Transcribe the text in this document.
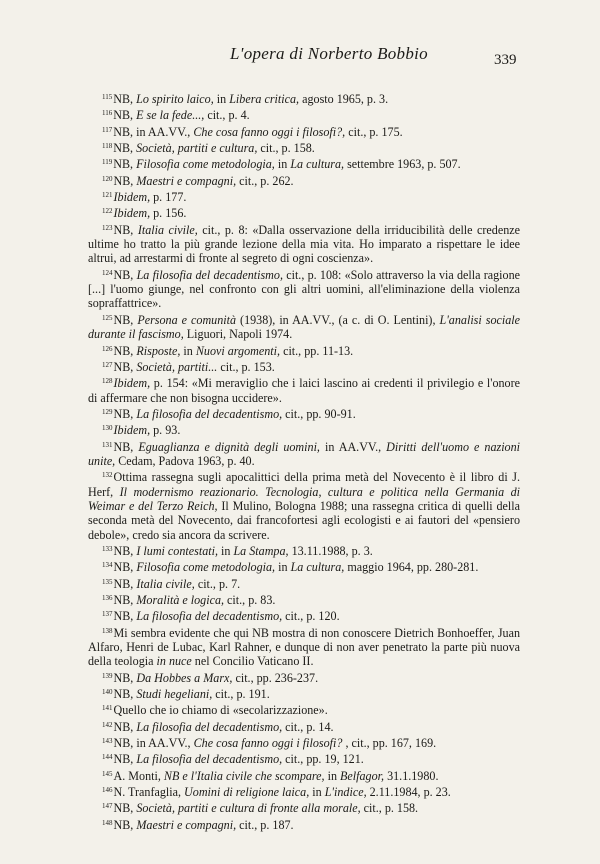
L'opera di Norberto Bobbio	339

$^{115}$NB, Lo spirito laico, in Libera critica, agosto 1965, p. 3.

$^{116}$NB, E se la fede..., cit., p. 4.

$^{117}$NB, in AA.VV., Che cosa fanno oggi i filosofi?, cit., p. 175.

$^{118}$NB, Società, partiti e cultura, cit., p. 158.

$^{119}$NB, Filosofia come metodologia, in La cultura, settembre 1963, p. 507.

$^{120}$NB, Maestri e compagni, cit., p. 262.

$^{121}$Ibidem, p. 177.

$^{122}$Ibidem, p. 156.

$^{123}$NB, Italia civile, cit., p. 8: «Dalla osservazione della irriducibilità delle credenze ultime ho tratto la più grande lezione della mia vita. Ho imparato a rispettare le idee altrui, ad arrestarmi di fronte al segreto di ogni coscienza».

$^{124}$NB, La filosofia del decadentismo, cit., p. 108: «Solo attraverso la via della ragione [...] l'uomo giunge, nel confronto con gli altri uomini, all'eliminazione della violenza sopraffattrice».

$^{125}$NB, Persona e comunità (1938), in AA.VV., (a c. di O. Lentini), L'analisi sociale durante il fascismo, Liguori, Napoli 1974.

$^{126}$NB, Risposte, in Nuovi argomenti, cit., pp. 11-13.

$^{127}$NB, Società, partiti... cit., p. 153.

$^{128}$Ibidem, p. 154: «Mi meraviglio che i laici lascino ai credenti il privilegio e l'onore di affermare che non bisogna uccidere».

$^{129}$NB, La filosofia del decadentismo, cit., pp. 90-91.

$^{130}$Ibidem, p. 93.

$^{131}$NB, Eguaglianza e dignità degli uomini, in AA.VV., Diritti dell'uomo e nazioni unite, Cedam, Padova 1963, p. 40.

$^{132}$Ottima rassegna sugli apocalittici della prima metà del Novecento è il libro di J. Herf, Il modernismo reazionario. Tecnologia, cultura e politica nella Germania di Weimar e del Terzo Reich, Il Mulino, Bologna 1988; una rassegna critica di quelli della seconda metà del Novecento, dai francofortesi agli ecologisti e ai fautori del «pensiero debole», credo sia ancora da scrivere.

$^{133}$NB, I lumi contestati, in La Stampa, 13.11.1988, p. 3.

$^{134}$NB, Filosofia come metodologia, in La cultura, maggio 1964, pp. 280-281.

$^{135}$NB, Italia civile, cit., p. 7.

$^{136}$NB, Moralità e logica, cit., p. 83.

$^{137}$NB, La filosofia del decadentismo, cit., p. 120.

$^{138}$Mi sembra evidente che qui NB mostra di non conoscere Dietrich Bonhoeffer, Juan Alfaro, Henri de Lubac, Karl Rahner, e dunque di non aver penetrato la parte più nuova della teologia in nuce nel Concilio Vaticano II.

$^{139}$NB, Da Hobbes a Marx, cit., pp. 236-237.

$^{140}$NB, Studi hegeliani, cit., p. 191.

$^{141}$Quello che io chiamo di «secolarizzazione».

$^{142}$NB, La filosofia del decadentismo, cit., p. 14.

$^{143}$NB, in AA.VV., Che cosa fanno oggi i filosofi? , cit., pp. 167, 169.

$^{144}$NB, La filosofia del decadentismo, cit., pp. 19, 121.

$^{145}$A. Monti, NB e l'Italia civile che scompare, in Belfagor, 31.1.1980.

$^{146}$N. Tranfaglia, Uomini di religione laica, in L'indice, 2.11.1984, p. 23.

$^{147}$NB, Società, partiti e cultura di fronte alla morale, cit., p. 158.

$^{148}$NB, Maestri e compagni, cit., p. 187.
